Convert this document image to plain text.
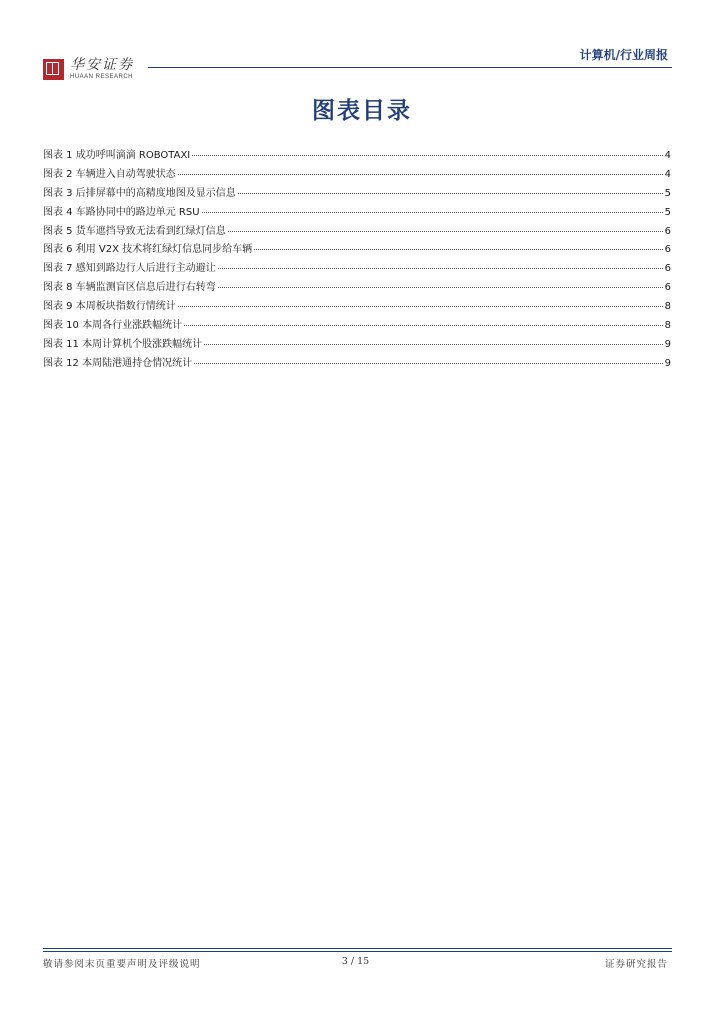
华安证券
HUAAN RESEARCH
计算机/行业周报
图表目录
图表 1 成功呼叫滴滴 ROBOTAXI	4
图表 2 车辆进入自动驾驶状态	4
图表 3 后排屏幕中的高精度地图及显示信息	5
图表 4 车路协同中的路边单元 RSU	5
图表 5 货车遮挡导致无法看到红绿灯信息	6
图表 6 利用 V2X 技术将红绿灯信息同步给车辆	6
图表 7 感知到路边行人后进行主动避让	6
图表 8 车辆监测盲区信息后进行右转弯	6
图表 9 本周板块指数行情统计	8
图表 10 本周各行业涨跌幅统计	8
图表 11 本周计算机个股涨跌幅统计	9
图表 12 本周陆港通持仓情况统计	9
敬请参阅末页重要声明及评级说明	3 / 15	证券研究报告
